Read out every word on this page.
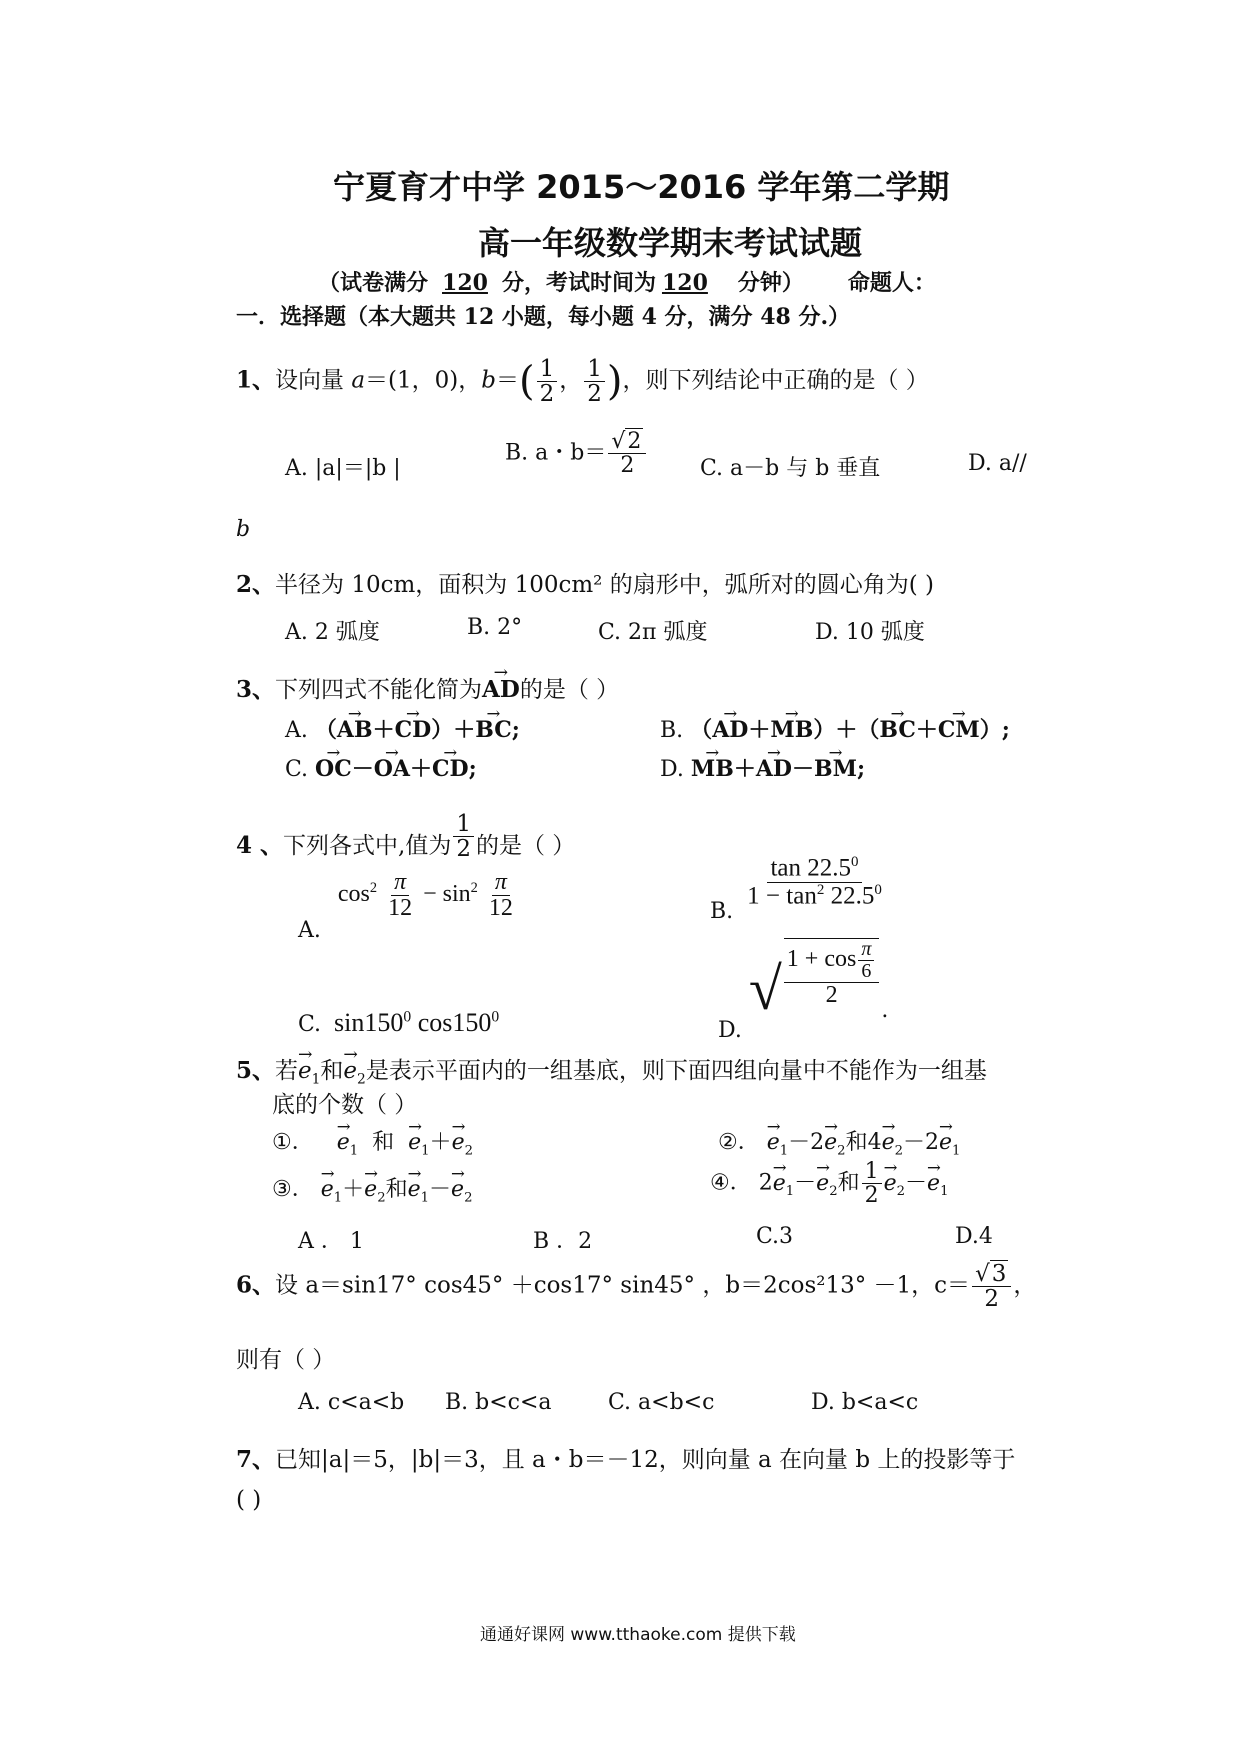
宁夏育才中学 2015～2016 学年第二学期
高一年级数学期末考试试题
（试卷满分 120 分，考试时间为 120 分钟） 命题人：
一．选择题（本大题共 12 小题，每小题 4 分，满分 48 分.）
1、设向量 a＝(1，0)，$b=( \frac{1}{2}$ ， $\frac{1}{2}$ )，则下列结论中正确的是（ ）
A. |a|＝|b |
B. a・$b= \frac{√2}{2} C$. a－b 与 b 垂直	D. a//
b
2、半径为 10cm，面积为 100cm² 的扇形中，弧所对的圆心角为( )
A. 2 弧度	B. 2°	C. 2π 弧度	D. 10 弧度
3、下列四式不能化简为→ AD的是（ ）
A. （→ AB＋→ CD）＋→ BC;	B. （→ AD＋→ MB）＋（→ BC＋→ CM）;
C. → OC－→ OA＋→ CD;	D. → MB＋→ AD－→ BM;
4 、下列各式中,值为 $\frac{1}{2}$ 的是（ ）
A. $\cos^2 \frac{\pi}{12} - \sin^2 \frac{\pi}{12}$	B.
$\frac{\tan 22.5^0}{1 - \tan^2 22.5^0}$
C. $\sin 150^0$ $\cos 150^0$
D. √ $\frac{1 + \cos \frac{\pi}{6}}{2}$
.
5、若→ $e_1$和→ $e_2$是表示平面内的一组基底，则下面四组向量中不能作为一组基
底的个数（ ）
①． → $e_1$  和  → $e_1+\to e_2$	②． → $e_1-2\to e_2$和$4\to e_2-2\to e_1$
③． → $e_1+\to e_2$和→ $e_1-\to e_2$
④． $2\to e_1-\to e_2$和 $\frac{1}{2}$
→ $e_2-\to e_1$
A ． 1	B ．2	C.3	D.4
6、设 a＝sin17° cos45° ＋cos17° sin45° ，b＝2cos²13° －1，$c= \frac{√3}{2}$ ，
则有（ ）
A. c<a<b B. b<c<a	C. a<b<c	D. b<a<c
7、已知|a|＝5，|b|＝3，且 a・b＝－12，则向量 a 在向量 b 上的投影等于
( )
通通好课网 www.tthaoke.com 提供下载
